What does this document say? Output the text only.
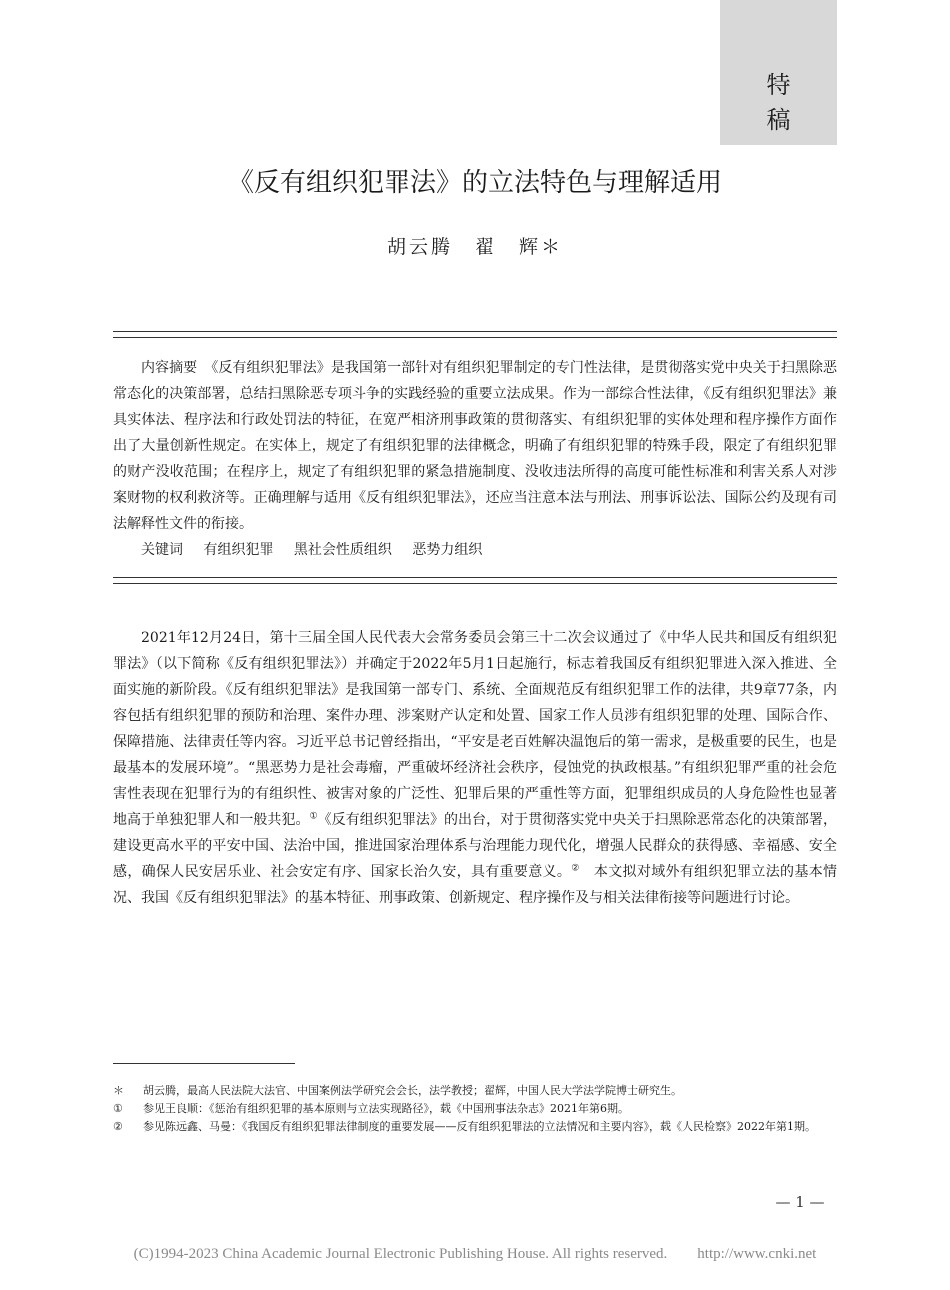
特稿
《反有组织犯罪法》的立法特色与理解适用
胡云腾　翟　辉＊

内容摘要　 《反有组织犯罪法》是我国第一部针对有组织犯罪制定的专门性法律，是贯彻落实党中央关于扫黑除恶常态化的决策部署，总结扫黑除恶专项斗争的实践经验的重要立法成果。作为一部综合性法律，《反有组织犯罪法》兼具实体法、程序法和行政处罚法的特征，在宽严相济刑事政策的贯彻落实、有组织犯罪的实体处理和程序操作方面作出了大量创新性规定。在实体上，规定了有组织犯罪的法律概念，明确了有组织犯罪的特殊手段，限定了有组织犯罪的财产没收范围；在程序上，规定了有组织犯罪的紧急措施制度、没收违法所得的高度可能性标准和利害关系人对涉案财物的权利救济等。正确理解与适用《反有组织犯罪法》，还应当注意本法与刑法、刑事诉讼法、国际公约及现有司法解释性文件的衔接。

关键词 有组织犯罪 黑社会性质组织 恶势力组织

2021年12月24日，第十三届全国人民代表大会常务委员会第三十二次会议通过了《中华人民共和国反有组织犯罪法》（以下简称《反有组织犯罪法》）并确定于2022年5月1日起施行，标志着我国反有组织犯罪进入深入推进、全面实施的新阶段。《反有组织犯罪法》是我国第一部专门、系统、全面规范反有组织犯罪工作的法律，共9章77条，内容包括有组织犯罪的预防和治理、案件办理、涉案财产认定和处置、国家工作人员涉有组织犯罪的处理、国际合作、保障措施、法律责任等内容。习近平总书记曾经指出，“平安是老百姓解决温饱后的第一需求，是极重要的民生，也是最基本的发展环境”。“黑恶势力是社会毒瘤，严重破坏经济社会秩序，侵蚀党的执政根基。”有组织犯罪严重的社会危害性表现在犯罪行为的有组织性、被害对象的广泛性、犯罪后果的严重性等方面，犯罪组织成员的人身危险性也显著地高于单独犯罪人和一般共犯。①《反有组织犯罪法》的出台，对于贯彻落实党中央关于扫黑除恶常态化的决策部署，建设更高水平的平安中国、法治中国，推进国家治理体系与治理能力现代化，增强人民群众的获得感、幸福感、安全感，确保人民安居乐业、社会安定有序、国家长治久安，具有重要意义。②　 本文拟对域外有组织犯罪立法的基本情况、我国《反有组织犯罪法》的基本特征、刑事政策、创新规定、程序操作及与相关法律衔接等问题进行讨论。

＊ 胡云腾，最高人民法院大法官、中国案例法学研究会会长，法学教授；翟辉，中国人民大学法学院博士研究生。
① 参见王良顺：《惩治有组织犯罪的基本原则与立法实现路径》，载《中国刑事法杂志》2021年第6期。
② 参见陈远鑫、马曼：《我国反有组织犯罪法律制度的重要发展——反有组织犯罪法的立法情况和主要内容》，载《人民检察》2022年第1期。
— 1 —
(C)1994-2023 China Academic Journal Electronic Publishing House. All rights reserved.　　http://www.cnki.net
